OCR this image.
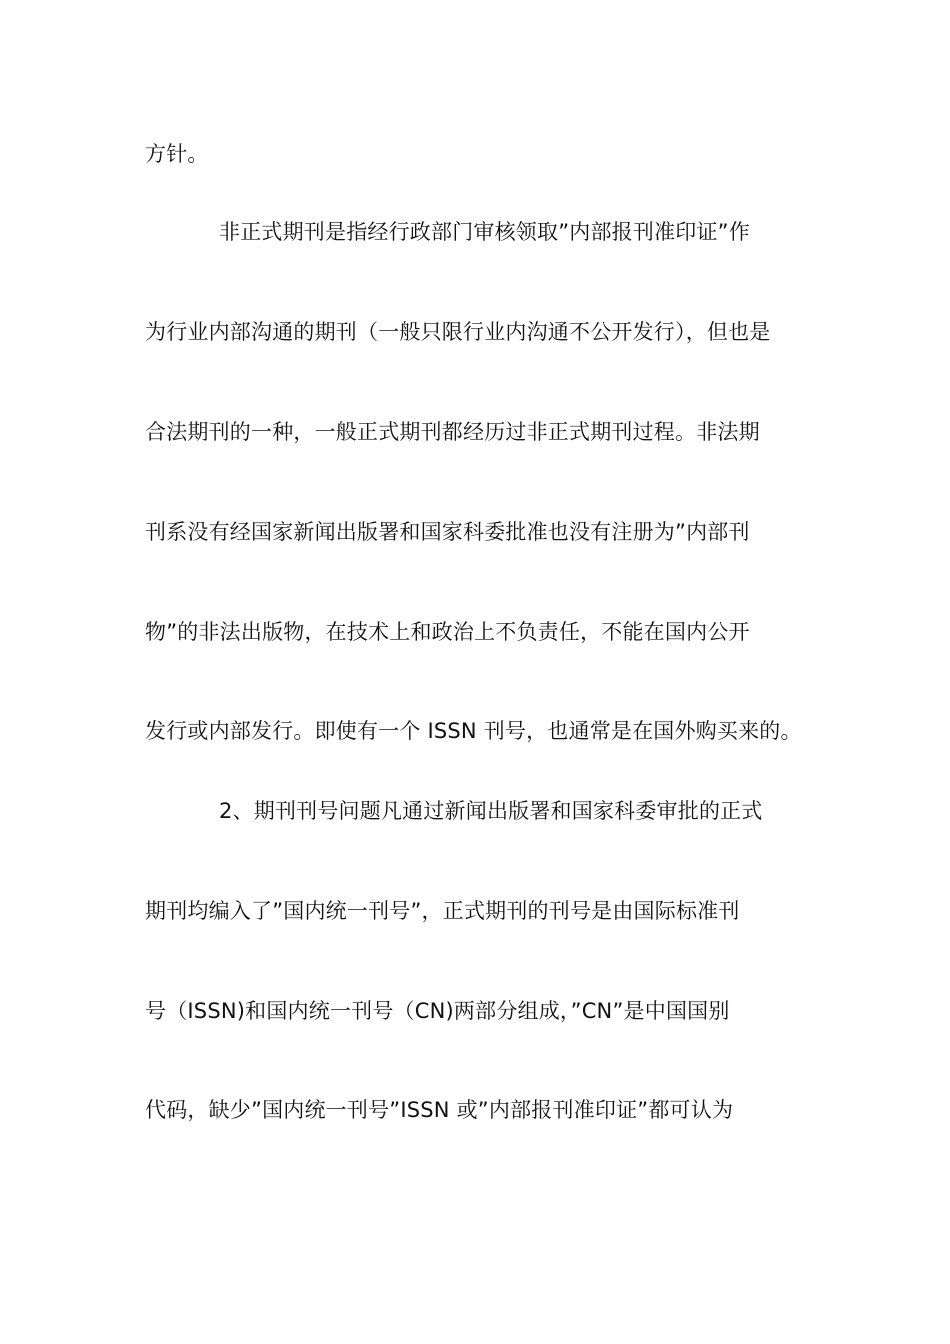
方针。
非正式期刊是指经行政部门审核领取”内部报刊准印证”作
为行业内部沟通的期刊（一般只限行业内沟通不公开发行），但也是
合法期刊的一种，一般正式期刊都经历过非正式期刊过程。非法期
刊系没有经国家新闻出版署和国家科委批准也没有注册为”内部刊
物”的非法出版物，在技术上和政治上不负责任，不能在国内公开
发行或内部发行。即使有一个 ISSN 刊号，也通常是在国外购买来的。
2、期刊刊号问题凡通过新闻出版署和国家科委审批的正式
期刊均编入了”国内统一刊号”，正式期刊的刊号是由国际标准刊
号（ISSN)和国内统一刊号（CN)两部分组成，”CN”是中国国别
代码，缺少”国内统一刊号”ISSN 或”内部报刊准印证”都可认为
